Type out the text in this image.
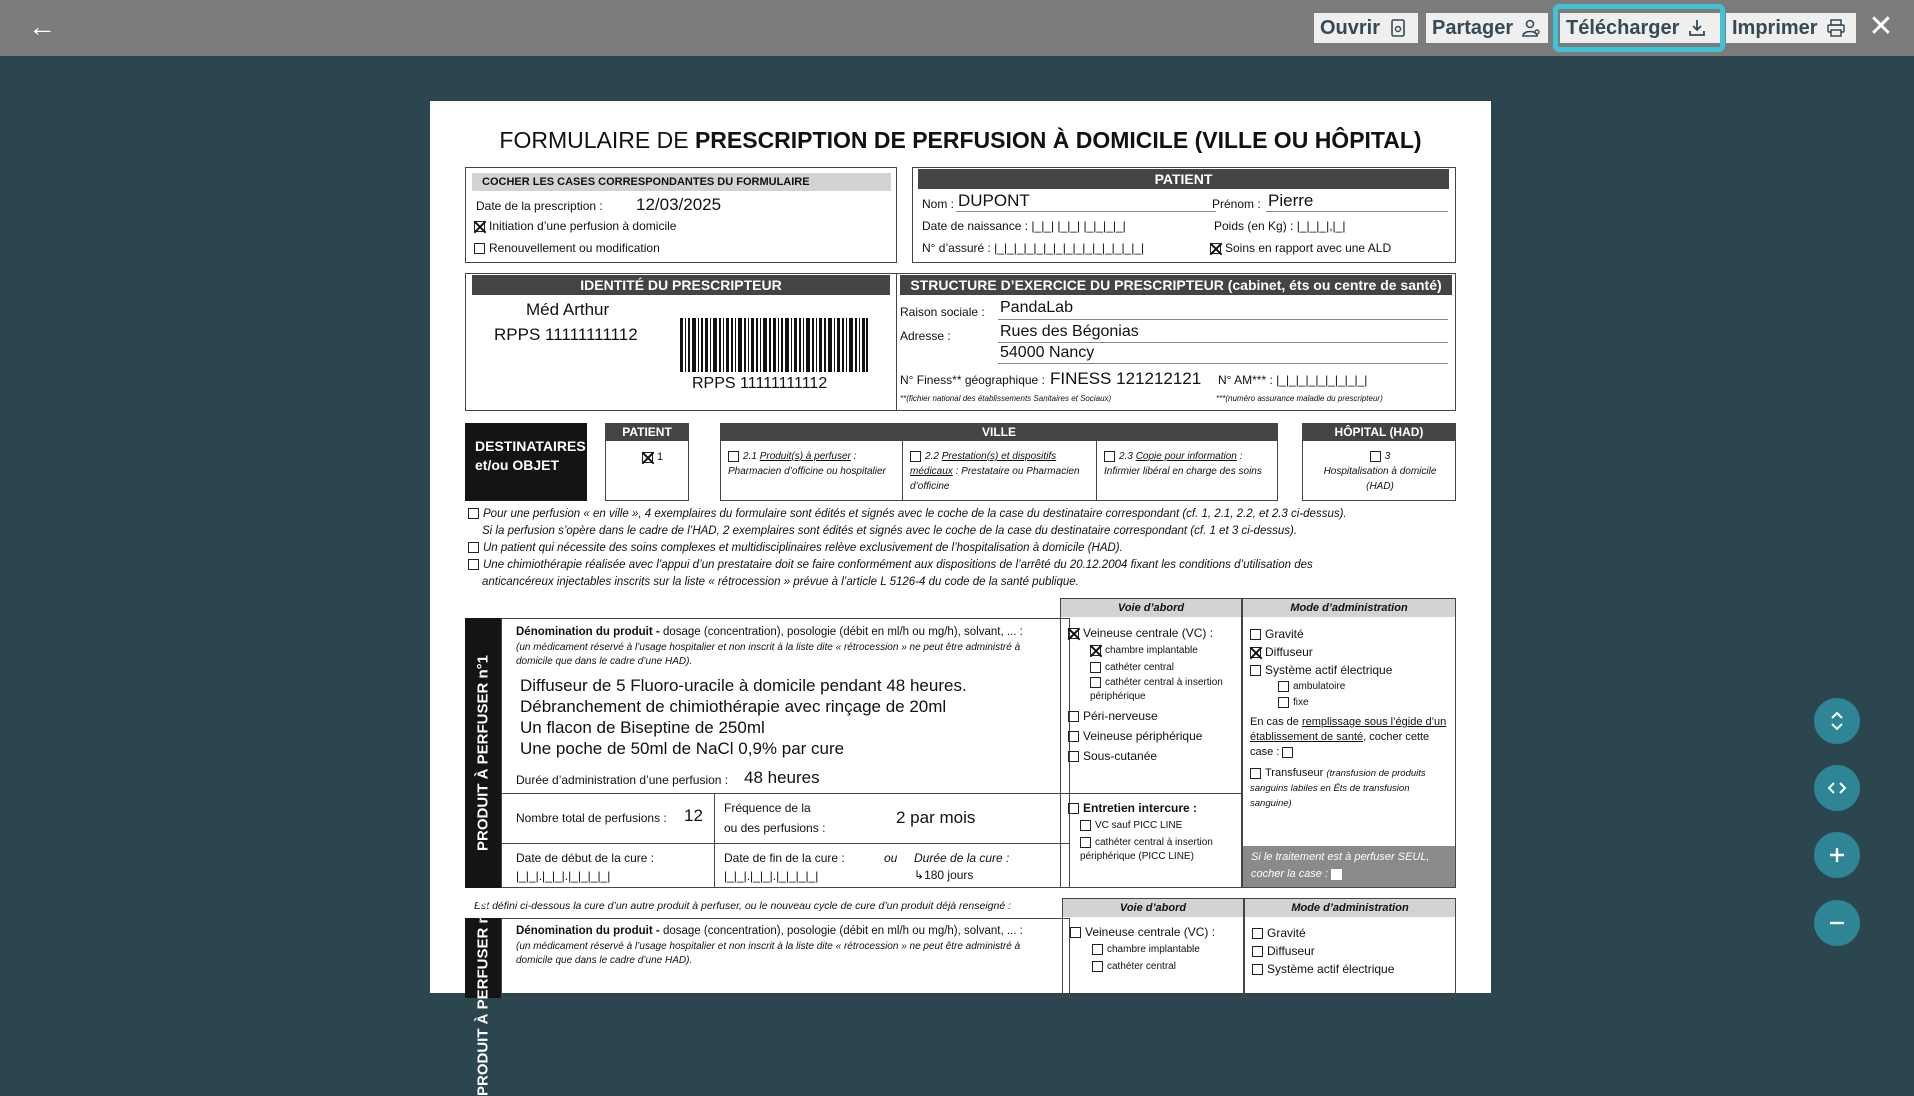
←	Ouvrir	Partager	Télécharger	Imprimer ✕
FORMULAIRE DE PRESCRIPTION DE PERFUSION À DOMICILE (VILLE OU HÔPITAL)
COCHER LES CASES CORRESPONDANTES DU FORMULAIRE
Date de la prescription : 12/03/2025
Initiation d’une perfusion à domicile
Renouvellement ou modification
PATIENT
Nom : DUPONT	Prénom : Pierre
Date de naissance : |_|_| |_|_| |_|_|_|_|	Poids (en Kg) : |_|_|_|,|_|
N° d’assuré : |_|_|_|_|_|_|_|_|_|_|_|_|_|_|_|	Soins en rapport avec une ALD
IDENTITÉ DU PRESCRIPTEUR
Méd Arthur
RPPS 11111111112
RPPS 11111111112
STRUCTURE D’EXERCICE DU PRESCRIPTEUR (cabinet, éts ou centre de santé)
Raison sociale : PandaLab
Adresse :	Rues des Bégonias
54000 Nancy
N° Finess** géographique : FINESS 121212121 N° AM*** : |_|_|_|_|_|_|_|_|_|
**(fichier national des établissements Sanitaires et Sociaux)	***(numéro assurance maladie du prescripteur)
DESTINATAIRES et/ou OBJET
PATIENT
1
VILLE
2.1 Produit(s) à perfuser : Pharmacien d’officine ou hospitalier
2.2 Prestation(s) et dispositifs médicaux : Prestataire ou Pharmacien d’officine
2.3 Copie pour information : Infirmier libéral en charge des soins
HÔPITAL (HAD)
3
Hospitalisation à domicile (HAD)
Pour une perfusion « en ville », 4 exemplaires du formulaire sont édités et signés avec le coche de la case du destinataire correspondant (cf. 1, 2.1, 2.2, et 2.3 ci-dessus).
Si la perfusion s’opère dans le cadre de l’HAD, 2 exemplaires sont édités et signés avec le coche de la case du destinataire correspondant (cf. 1 et 3 ci-dessus).
Un patient qui nécessite des soins complexes et multidisciplinaires relève exclusivement de l’hospitalisation à domicile (HAD).
Une chimiothérapie réalisée avec l’appui d’un prestataire doit se faire conformément aux dispositions de l’arrêté du 20.12.2004 fixant les conditions d’utilisation des
anticancéreux injectables inscrits sur la liste « rétrocession » prévue à l’article L 5126-4 du code de la santé publique.
PRODUIT À PERFUSER n°1
Dénomination du produit - dosage (concentration), posologie (débit en ml/h ou mg/h), solvant, ... :
(un médicament réservé à l’usage hospitalier et non inscrit à la liste dite « rétrocession » ne peut être administré à domicile que dans le cadre d’une HAD).
Diffuseur de 5 Fluoro-uracile à domicile pendant 48 heures.
Débranchement de chimiothérapie avec rinçage de 20ml
Un flacon de Biseptine de 250ml
Une poche de 50ml de NaCl 0,9% par cure
Durée d’administration d’une perfusion : 48 heures
Nombre total de perfusions : 12 Fréquence de la
ou des perfusions :
2 par mois
Date de début de la cure :
|_|_|.|_|_|.|_|_|_|_|
Date de fin de la cure :
|_|_|.|_|_|.|_|_|_|_|
ou Durée de la cure :
↳180 jours
Voie d’abord
Veineuse centrale (VC) :
chambre implantable
cathéter central
cathéter central à insertion périphérique
Péri-nerveuse
Veineuse périphérique
Sous-cutanée
Entretien intercure :
VC sauf PICC LINE
cathéter central à insertion périphérique (PICC LINE)
Mode d’administration
Gravité
Diffuseur
Système actif électrique
ambulatoire
fixe
En cas de remplissage sous l’égide d’un établissement de santé, cocher cette case :
Transfuseur (transfusion de produits sanguins labiles en Éts de transfusion sanguine)
Si le traitement est à perfuser SEUL, cocher la case :
Est défini ci-dessous la cure d’un autre produit à perfuser, ou le nouveau cycle de cure d’un produit déjà renseigné :
PRODUIT À PERFUSER n°2 Dénomination du produit - dosage (concentration), posologie (débit en ml/h ou mg/h), solvant, ... :
(un médicament réservé à l’usage hospitalier et non inscrit à la liste dite « rétrocession » ne peut être administré à domicile que dans le cadre d’une HAD).
Voie d’abord
Veineuse centrale (VC) :
chambre implantable
cathéter central
Mode d’administration
Gravité
Diffuseur
Système actif électrique
